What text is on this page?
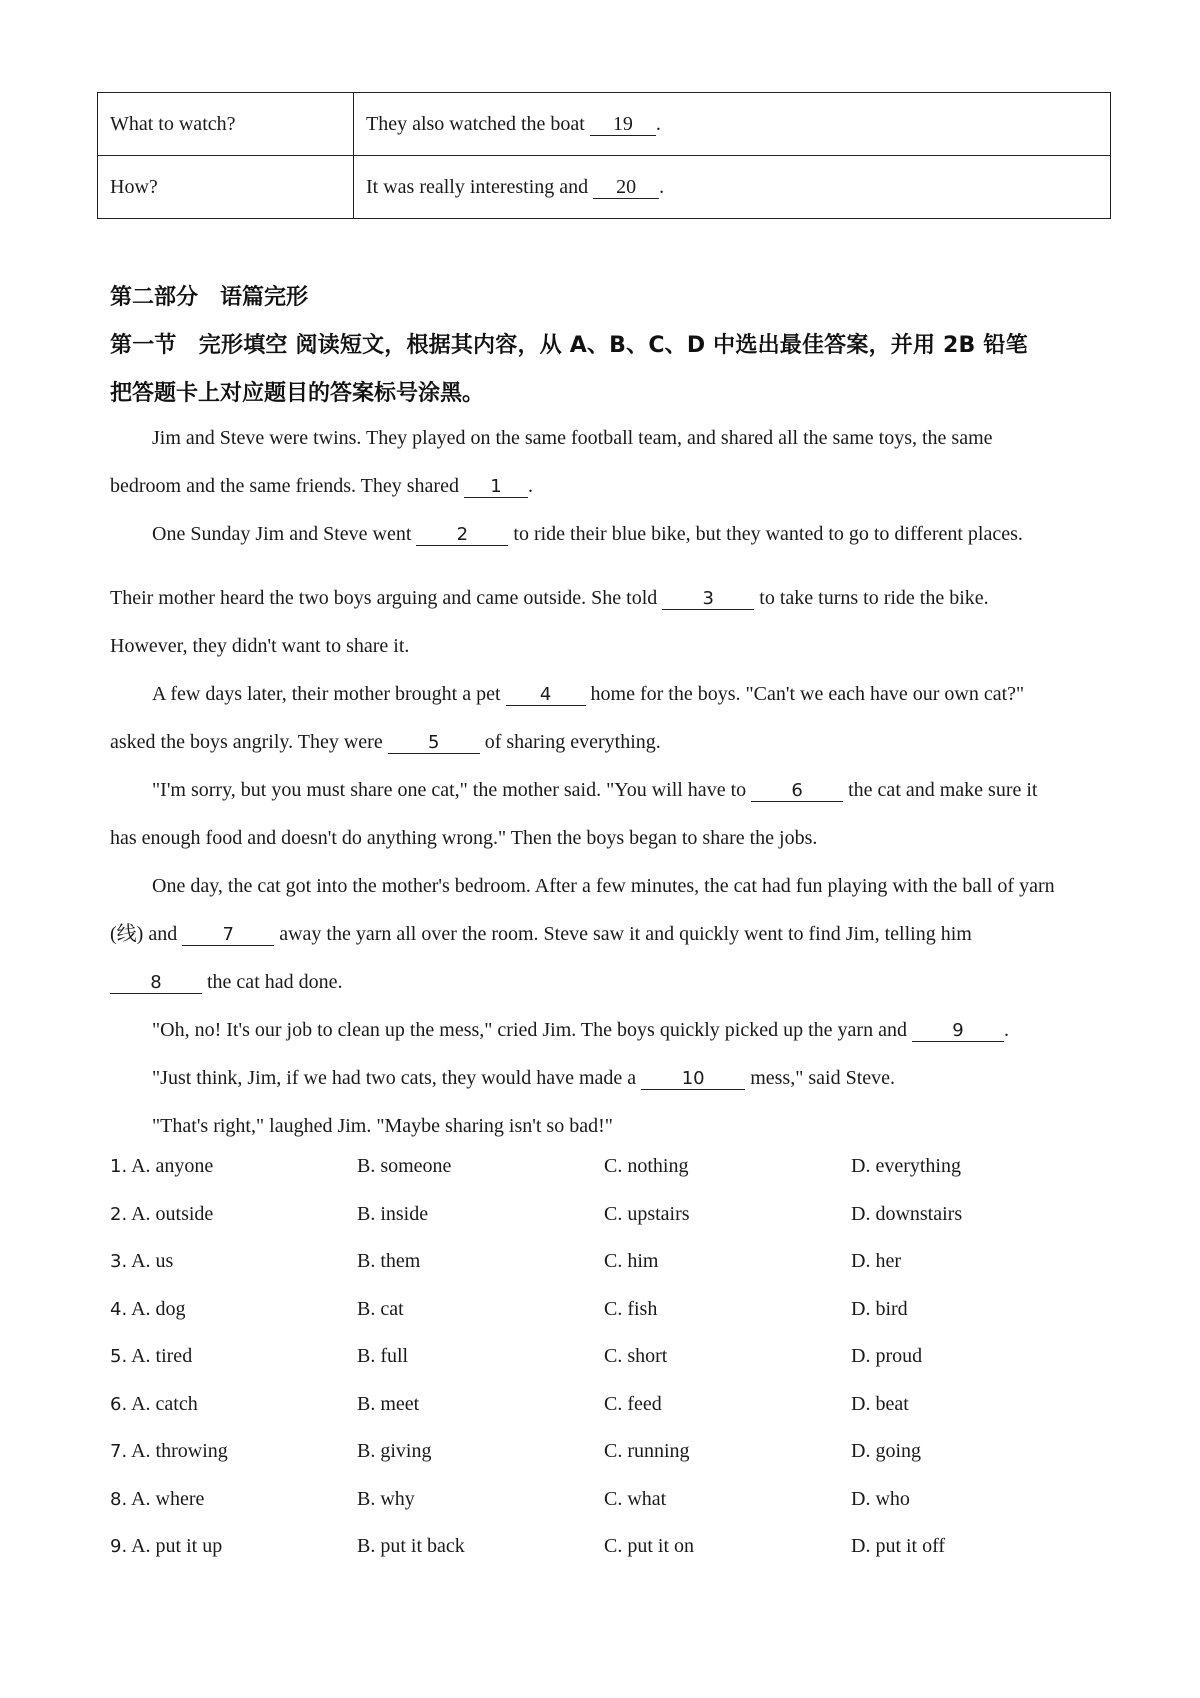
What to watch?	They also watched the boat 19 .
How?	It was really interesting and 20 .
第二部分　语篇完形
第一节　完形填空 阅读短文，根据其内容，从 A、B、C、D 中选出最佳答案，并用 2B 铅笔
把答题卡上对应题目的答案标号涂黑。
Jim and Steve were twins. They played on the same football team, and shared all the same toys, the same
bedroom and the same friends. They shared 1 .
One Sunday Jim and Steve went	2 to ride their blue bike, but they wanted to go to different places.
Their mother heard the two boys arguing and came outside. She told	3 to take turns to ride the bike.
However, they didn't want to share it.
A few days later, their mother brought a pet 4 home for the boys. "Can't we each have our own cat?"
asked the boys angrily. They were	5 of sharing everything.
"I'm sorry, but you must share one cat," the mother said. "You will have to	6 the cat and make sure it
has enough food and doesn't do anything wrong." Then the boys began to share the jobs.
One day, the cat got into the mother's bedroom. After a few minutes, the cat had fun playing with the ball of yarn
(线) and	7 away the yarn all over the room. Steve saw it and quickly went to find Jim, telling him
8 the cat had done.
"Oh, no! It's our job to clean up the mess," cried Jim. The boys quickly picked up the yarn and	9 .
"Just think, Jim, if we had two cats, they would have made a	10 mess," said Steve.
"That's right," laughed Jim. "Maybe sharing isn't so bad!"
1. A. anyone	B. someone	C. nothing	D. everything
2. A. outside	B. inside	C. upstairs	D. downstairs
3. A. us	B. them	C. him	D. her
4. A. dog	B. cat	C. fish	D. bird
5. A. tired	B. full	C. short	D. proud
6. A. catch	B. meet	C. feed	D. beat
7. A. throwing	B. giving	C. running	D. going
8. A. where	B. why	C. what	D. who
9. A. put it up	B. put it back	C. put it on	D. put it off
